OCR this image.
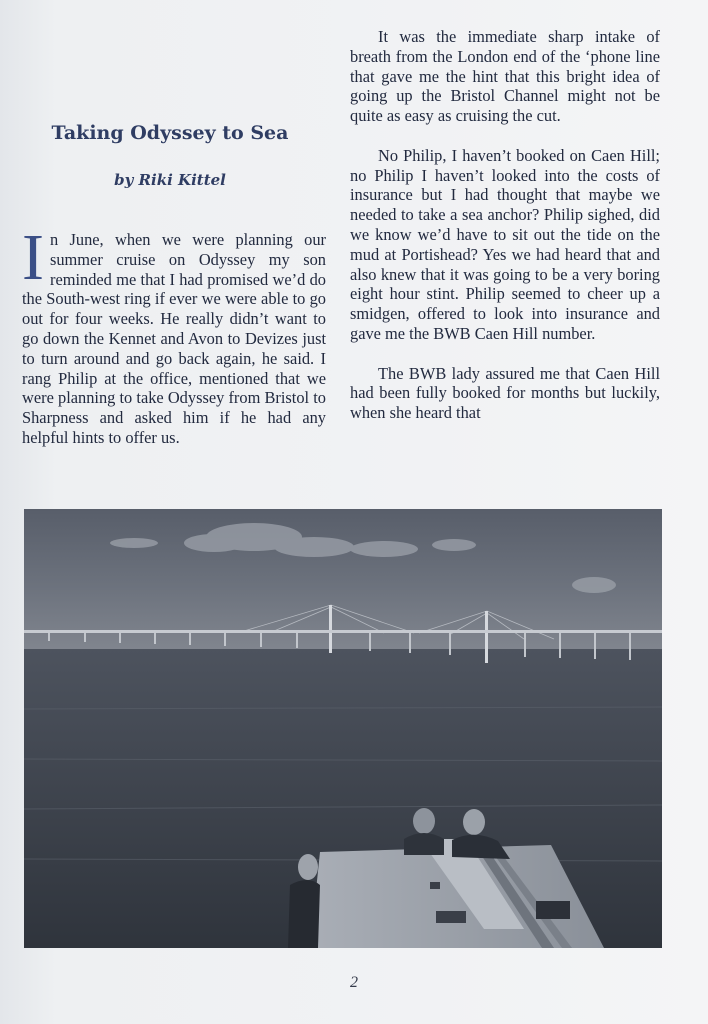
Taking Odyssey to Sea
by Riki Kittel

In June, when we were planning our summer cruise on Odyssey my son reminded me that I had promised we’d do the South-west ring if ever we were able to go out for four weeks. He really didn’t want to go down the Kennet and Avon to Devizes just to turn around and go back again, he said. I rang Philip at the office, mentioned that we were planning to take Odyssey from Bristol to Sharpness and asked him if he had any helpful hints to offer us.

It was the immediate sharp intake of breath from the London end of the ‘phone line that gave me the hint that this bright idea of going up the Bristol Channel might not be quite as easy as cruising the cut.

No Philip, I haven’t booked on Caen Hill; no Philip I haven’t looked into the costs of insurance but I had thought that maybe we needed to take a sea anchor? Philip sighed, did we know we’d have to sit out the tide on the mud at Portishead? Yes we had heard that and also knew that it was going to be a very boring eight hour stint. Philip seemed to cheer up a smidgen, offered to look into insurance and gave me the BWB Caen Hill number.

The BWB lady assured me that Caen Hill had been fully booked for months but luckily, when she heard that

2
